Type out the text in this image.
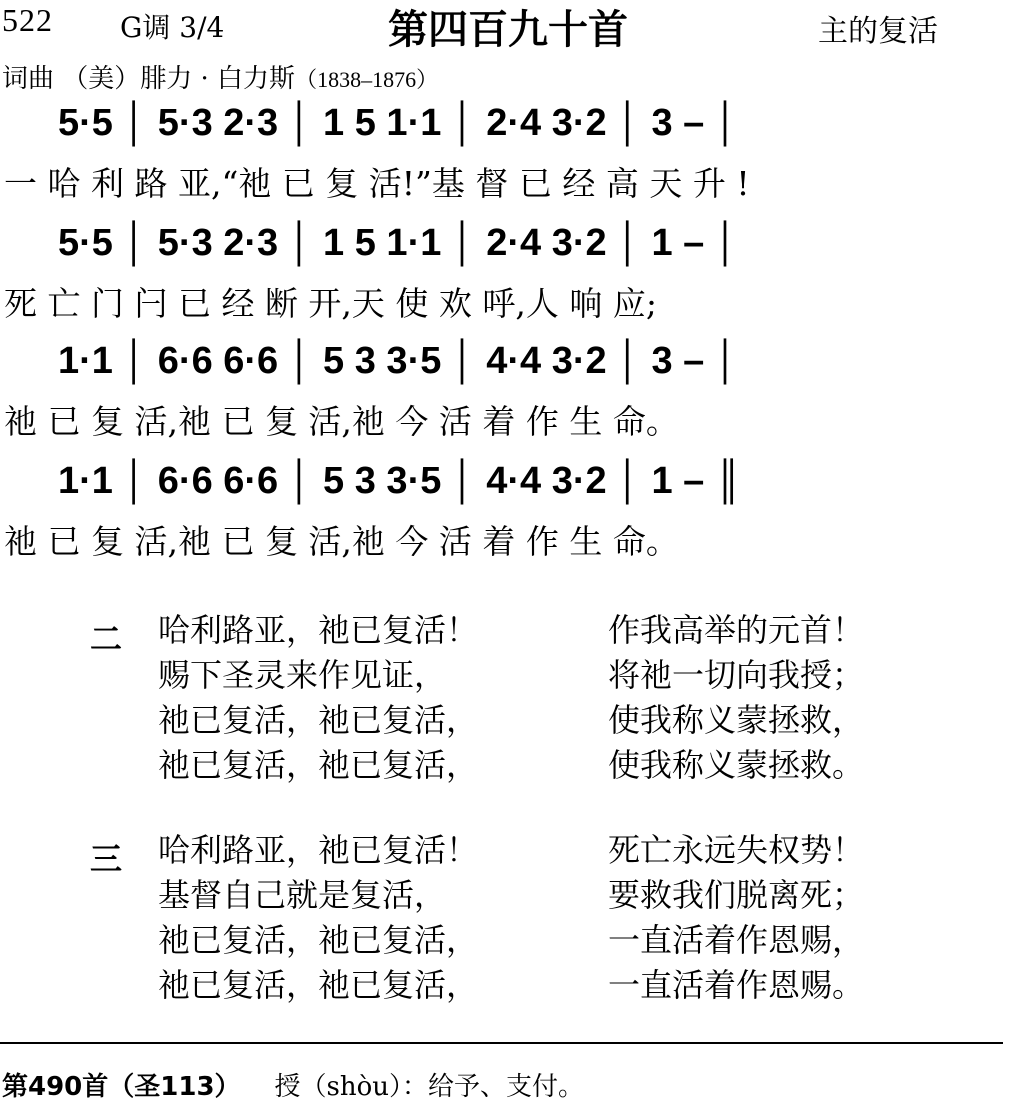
522 G调 3/4	第四百九十首	主的复活
词曲 （美）腓力 · 白力斯（1838–1876）
5·5 │ 5·3 2·3 │ 1 5 1·1 │ 2·4 3·2 │ 3 – │
一 哈 利 路 亚,“祂 已 复 活!”基 督 已 经 高 天 升 !
5·5 │ 5·3 2·3 │ 1 5 1·1 │ 2·4 3·2 │ 1 – │
死 亡 门 闩 已 经 断 开,天 使 欢 呼,人 响 应;
1·1 │ 6·6 6·6 │ 5 3 3·5 │ 4·4 3·2 │ 3 – │
祂 已 复 活,祂 已 复 活,祂 今 活 着 作 生 命。
1·1 │ 6·6 6·6 │ 5 3 3·5 │ 4·4 3·2 │ 1 – ║
祂 已 复 活,祂 已 复 活,祂 今 活 着 作 生 命。
二 哈利路亚，祂已复活！
赐下圣灵来作见证，
祂已复活，祂已复活，
祂已复活，祂已复活，
作我高举的元首！
将祂一切向我授；
使我称义蒙拯救，
使我称义蒙拯救。
三 哈利路亚，祂已复活！
基督自己就是复活，
祂已复活，祂已复活，
祂已复活，祂已复活，
死亡永远失权势！
要救我们脱离死；
一直活着作恩赐，
一直活着作恩赐。
第490首（圣113） 授（shòu）：给予、支付。
